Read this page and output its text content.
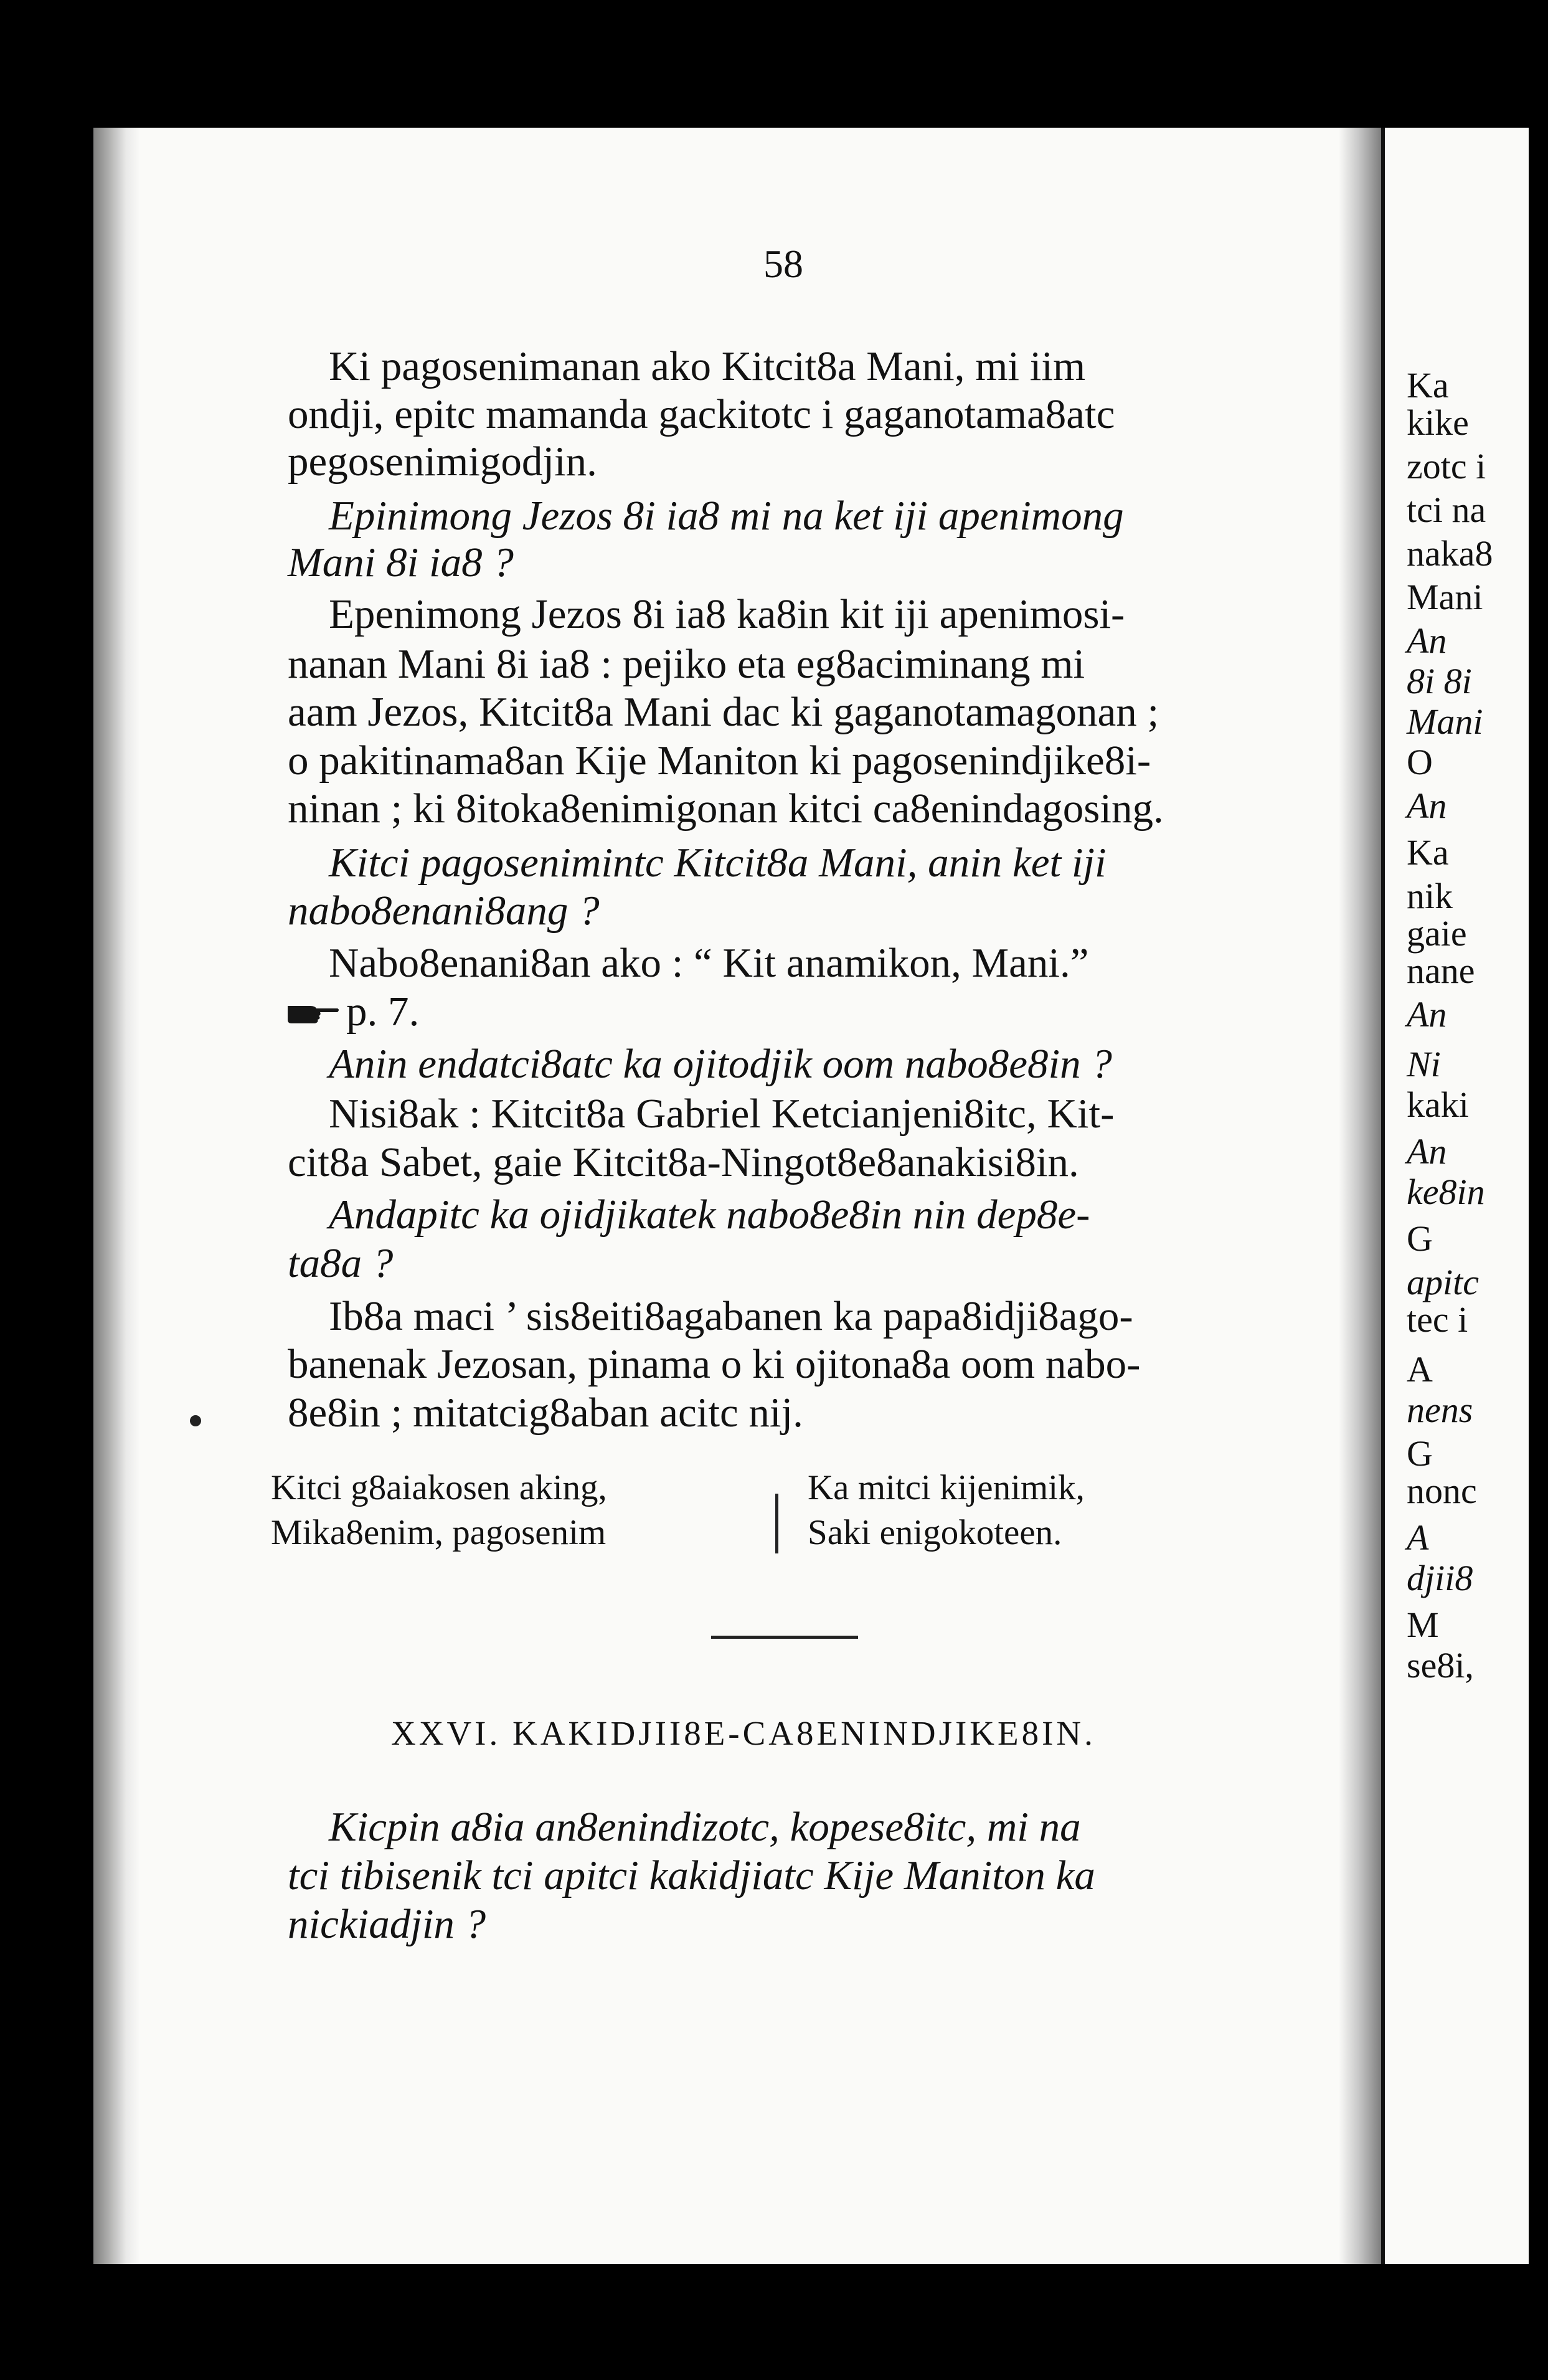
Ka
kike
zotc i
tci na
naka8
Mani
An
8i 8i
Mani
O
An
Ka
nik
gaie
nane
An
Ni
kaki
An
ke8in
G
apitc
tec i
A
nens
G
nonc
A
djii8
M
se8i,
58
Ki pagosenimanan ako Kitcit8a Mani, mi iim
ondji, epitc mamanda gackitotc i gaganotama8atc
pegosenimigodjin.
Epinimong Jezos 8i ia8 mi na ket iji apenimong
Mani 8i ia8 ?
Epenimong Jezos 8i ia8 ka8in kit iji apenimosi-
nanan Mani 8i ia8 : pejiko eta eg8aciminang mi
aam Jezos, Kitcit8a Mani dac ki gaganotamagonan ;
o pakitinama8an Kije Maniton ki pagosenindjike8i-
ninan ; ki 8itoka8enimigonan kitci ca8enindagosing.
Kitci pagosenimintc Kitcit8a Mani, anin ket iji
nabo8enani8ang ?
Nabo8enani8an ako : “ Kit anamikon, Mani.”
p. 7.
Anin endatci8atc ka ojitodjik oom nabo8e8in ?
Nisi8ak : Kitcit8a Gabriel Ketcianjeni8itc, Kit-
cit8a Sabet, gaie Kitcit8a-Ningot8e8anakisi8in.
Andapitc ka ojidjikatek nabo8e8in nin dep8e-
ta8a ?
Ib8a maci ’ sis8eiti8agabanen ka papa8idji8ago-
banenak Jezosan, pinama o ki ojitona8a oom nabo-
8e8in ; mitatcig8aban acitc nij.
Kitci g8aiakosen aking,
Mika8enim, pagosenim
Ka mitci kijenimik,
Saki enigokoteen.
XXVI. KAKIDJII8E-CA8ENINDJIKE8IN.
Kicpin a8ia an8enindizotc, kopese8itc, mi na
tci tibisenik tci apitci kakidjiatc Kije Maniton ka
nickiadjin ?
